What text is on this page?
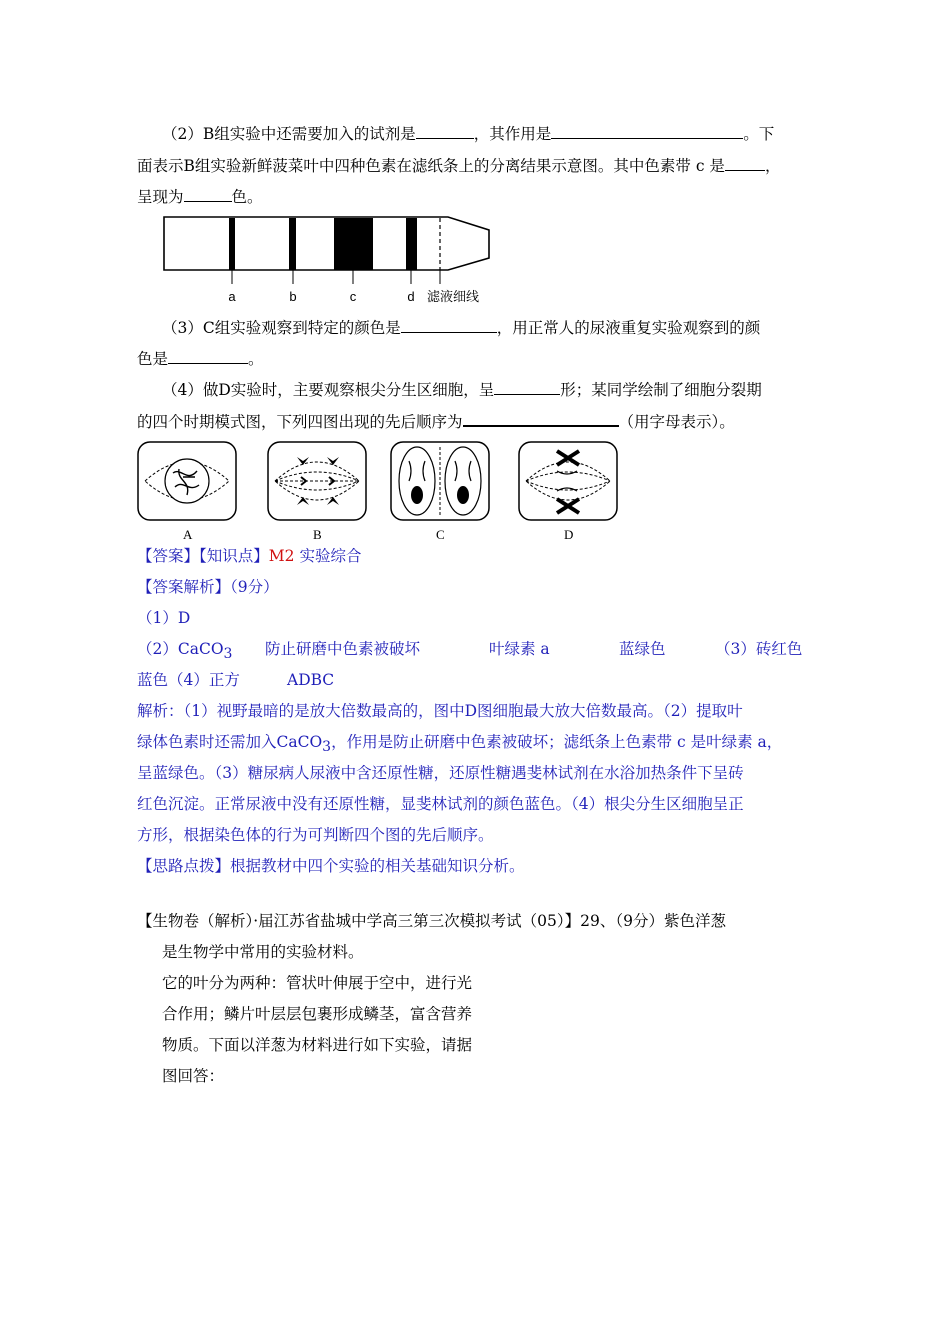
（2）B组实验中还需要加入的试剂是	，其作用是	。下
面表示B组实验新鲜菠菜叶中四种色素在滤纸条上的分离结果示意图。其中色素带 c 是	，
呈现为	色。
a	b	c	d 滤液细线
（3）C组实验观察到特定的颜色是	，用正常人的尿液重复实验观察到的颜
色是	。
（4）做D实验时，主要观察根尖分生区细胞，呈	形；某同学绘制了细胞分裂期
的四个时期模式图，下列四图出现的先后顺序为	（用字母表示）。
A	B	C	D
【答案】【知识点】M2 实验综合
【答案解析】（9分）
（1）D
（2）CaCO$_3$ 防止研磨中色素被破坏	叶绿素 a	蓝绿色	（3）砖红色
蓝色（4）正方	ADBC
解析：（1）视野最暗的是放大倍数最高的，图中D图细胞最大放大倍数最高。（2）提取叶
绿体色素时还需加入CaCO$_3$，作用是防止研磨中色素被破坏；滤纸条上色素带 c 是叶绿素 a，
呈蓝绿色。（3）糖尿病人尿液中含还原性糖，还原性糖遇斐林试剂在水浴加热条件下呈砖
红色沉淀。正常尿液中没有还原性糖，显斐林试剂的颜色蓝色。（4）根尖分生区细胞呈正
方形，根据染色体的行为可判断四个图的先后顺序。
【思路点拨】根据教材中四个实验的相关基础知识分析。
【生物卷（解析）·届江苏省盐城中学高三第三次模拟考试（05）】29、（9分）紫色洋葱
是生物学中常用的实验材料。
它的叶分为两种：管状叶伸展于空中，进行光
合作用；鳞片叶层层包裹形成鳞茎，富含营养
物质。下面以洋葱为材料进行如下实验，请据
图回答：
